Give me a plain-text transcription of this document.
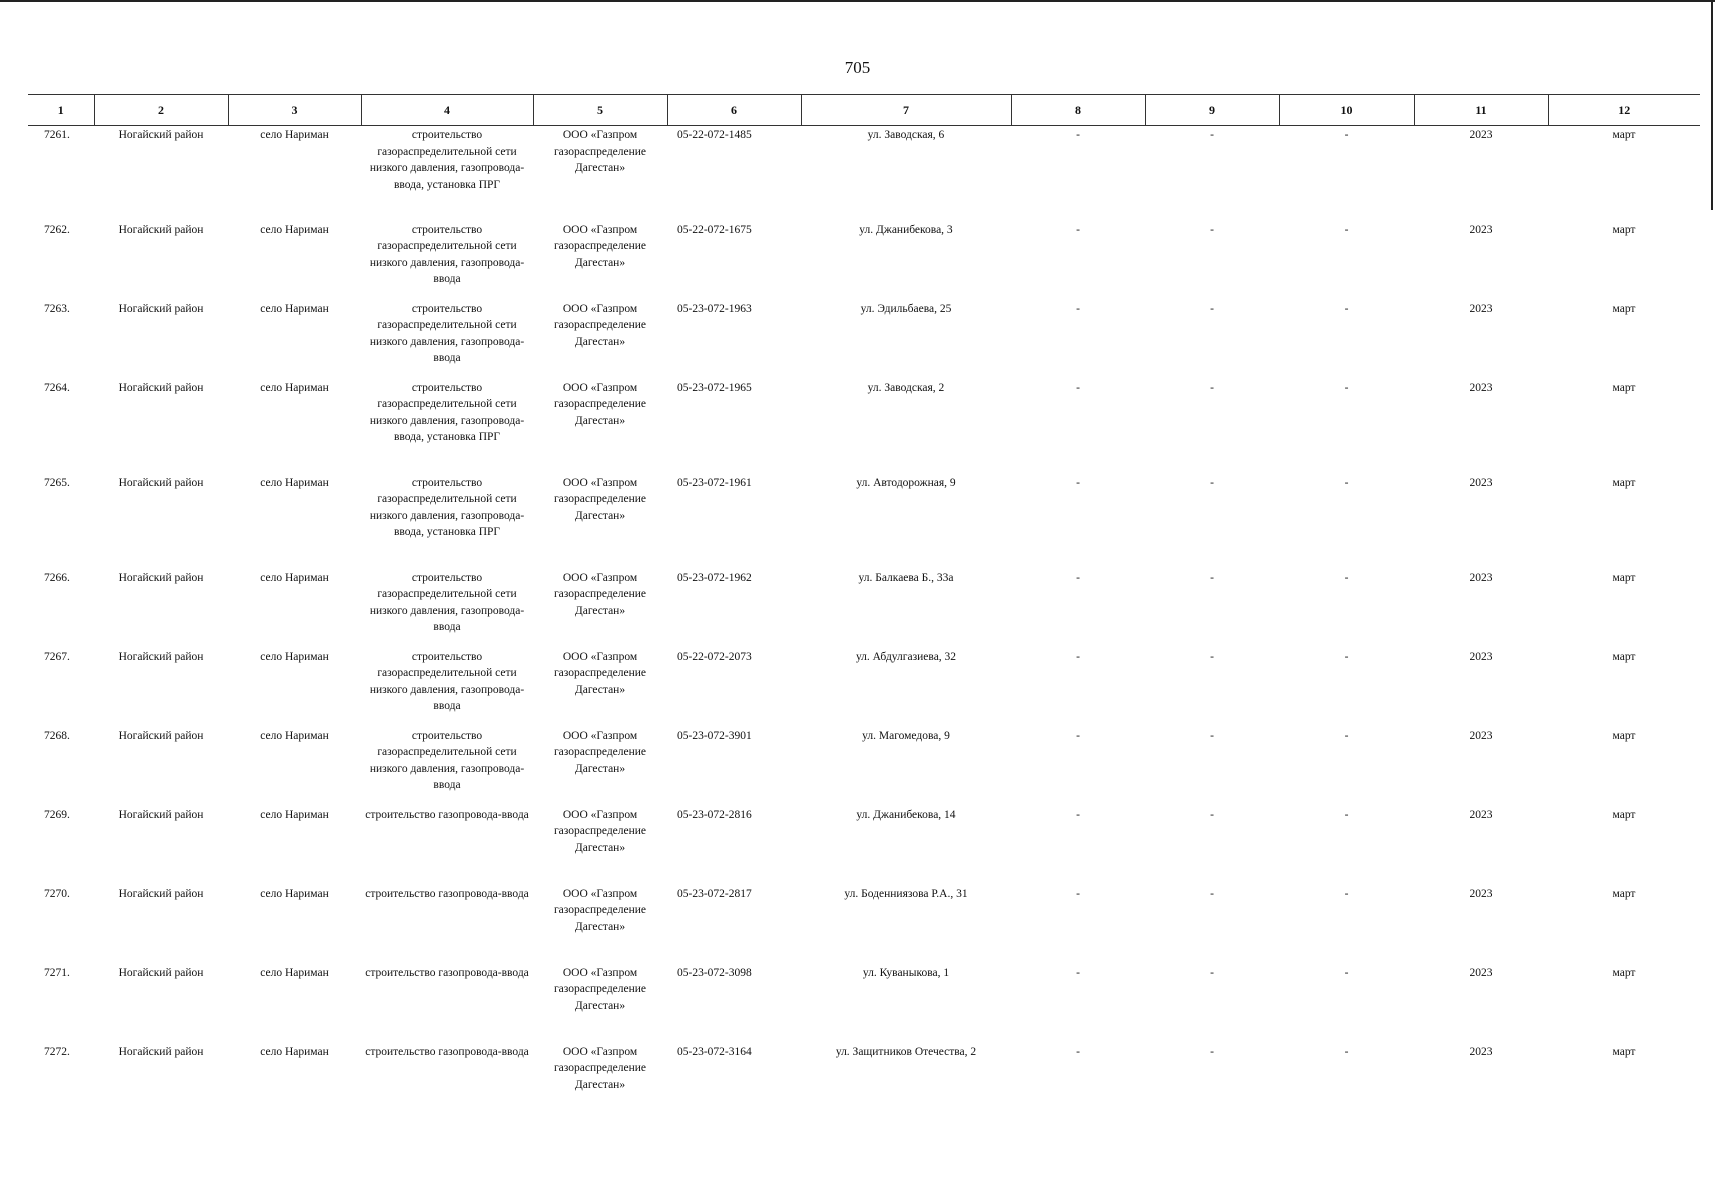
705
1	2	3	4	5	6	7	8	9	10	11	12
7261.	Ногайский район	село Нариман	строительство газораспределительной сети низкого давления, газопровода-ввода, установка ПРГ	ООО «Газпром газораспределение Дагестан»	05-22-072-1485	ул. Заводская, 6	-	-	-	2023	март
7262.	Ногайский район	село Нариман	строительство газораспределительной сети низкого давления, газопровода-ввода	ООО «Газпром газораспределение Дагестан»	05-22-072-1675	ул. Джанибекова, 3	-	-	-	2023	март
7263.	Ногайский район	село Нариман	строительство газораспределительной сети низкого давления, газопровода-ввода	ООО «Газпром газораспределение Дагестан»	05-23-072-1963	ул. Эдильбаева, 25	-	-	-	2023	март
7264.	Ногайский район	село Нариман	строительство газораспределительной сети низкого давления, газопровода-ввода, установка ПРГ	ООО «Газпром газораспределение Дагестан»	05-23-072-1965	ул. Заводская, 2	-	-	-	2023	март
7265.	Ногайский район	село Нариман	строительство газораспределительной сети низкого давления, газопровода-ввода, установка ПРГ	ООО «Газпром газораспределение Дагестан»	05-23-072-1961	ул. Автодорожная, 9	-	-	-	2023	март
7266.	Ногайский район	село Нариман	строительство газораспределительной сети низкого давления, газопровода-ввода	ООО «Газпром газораспределение Дагестан»	05-23-072-1962	ул. Балкаева Б., 33а	-	-	-	2023	март
7267.	Ногайский район	село Нариман	строительство газораспределительной сети низкого давления, газопровода-ввода	ООО «Газпром газораспределение Дагестан»	05-22-072-2073	ул. Абдулгазиева, 32	-	-	-	2023	март
7268.	Ногайский район	село Нариман	строительство газораспределительной сети низкого давления, газопровода-ввода	ООО «Газпром газораспределение Дагестан»	05-23-072-3901	ул. Магомедова, 9	-	-	-	2023	март
7269.	Ногайский район	село Нариман	строительство газопровода-ввода	ООО «Газпром газораспределение Дагестан»	05-23-072-2816	ул. Джанибекова, 14	-	-	-	2023	март
7270.	Ногайский район	село Нариман	строительство газопровода-ввода	ООО «Газпром газораспределение Дагестан»	05-23-072-2817	ул. Боденниязова Р.А., 31	-	-	-	2023	март
7271.	Ногайский район	село Нариман	строительство газопровода-ввода	ООО «Газпром газораспределение Дагестан»	05-23-072-3098	ул. Куваныкова, 1	-	-	-	2023	март
7272.	Ногайский район	село Нариман	строительство газопровода-ввода	ООО «Газпром газораспределение Дагестан»	05-23-072-3164	ул. Защитников Отечества, 2	-	-	-	2023	март
